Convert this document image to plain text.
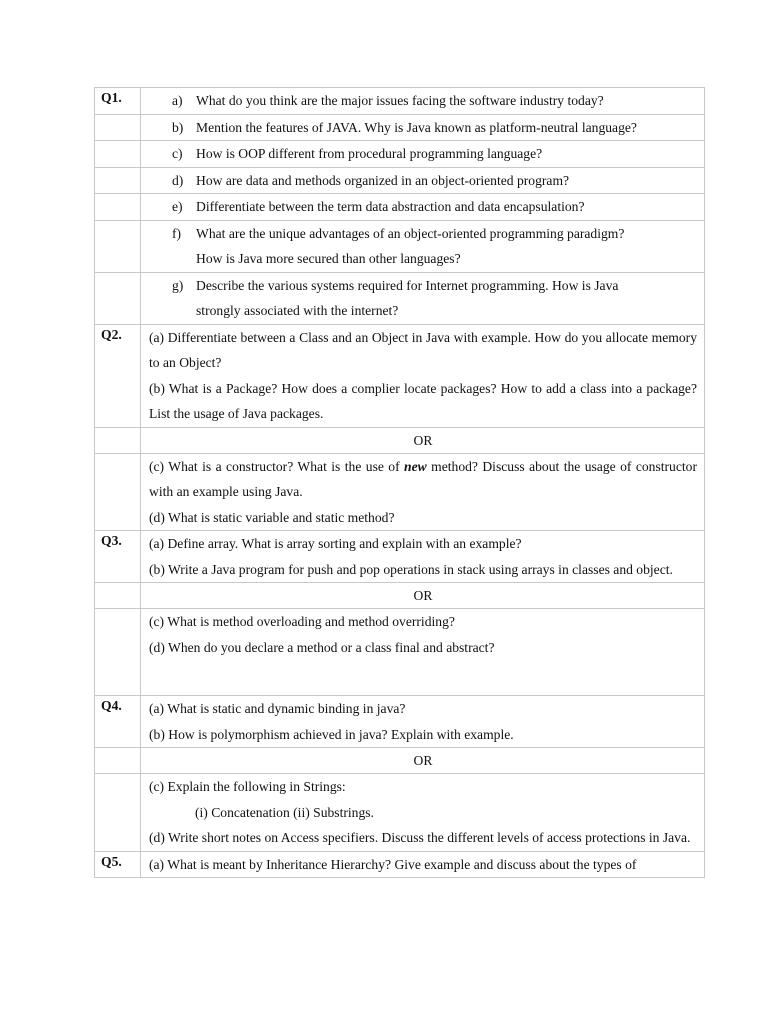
Q1.	a) What do you think are the major issues facing the software industry today?

	b) Mention the features of JAVA. Why is Java known as platform-neutral language?

	c) How is OOP different from procedural programming language?

	d) How are data and methods organized in an object-oriented program?

	e) Differentiate between the term data abstraction and data encapsulation?

	f) What are the unique advantages of an object-oriented programming paradigm?
How is Java more secured than other languages?

	g) Describe the various systems required for Internet programming. How is Java
strongly associated with the internet?

Q2.	(a) Differentiate between a Class and an Object in Java with example. How do you allocate memory to an Object?
(b) What is a Package? How does a complier locate packages? How to add a class into a package? List the usage of Java packages.

	OR

	(c) What is a constructor? What is the use of new method? Discuss about the usage of constructor with an example using Java.
(d) What is static variable and static method?

Q3.	(a) Define array. What is array sorting and explain with an example?
(b) Write a Java program for push and pop operations in stack using arrays in classes and object.

	OR

	(c) What is method overloading and method overriding?
(d) When do you declare a method or a class final and abstract?

Q4.	(a) What is static and dynamic binding in java?
(b) How is polymorphism achieved in java? Explain with example.

	OR

	(c) Explain the following in Strings:
(i) Concatenation (ii) Substrings.
(d) Write short notes on Access specifiers. Discuss the different levels of access protections in Java.

Q5.	(a) What is meant by Inheritance Hierarchy? Give example and discuss about the types of
